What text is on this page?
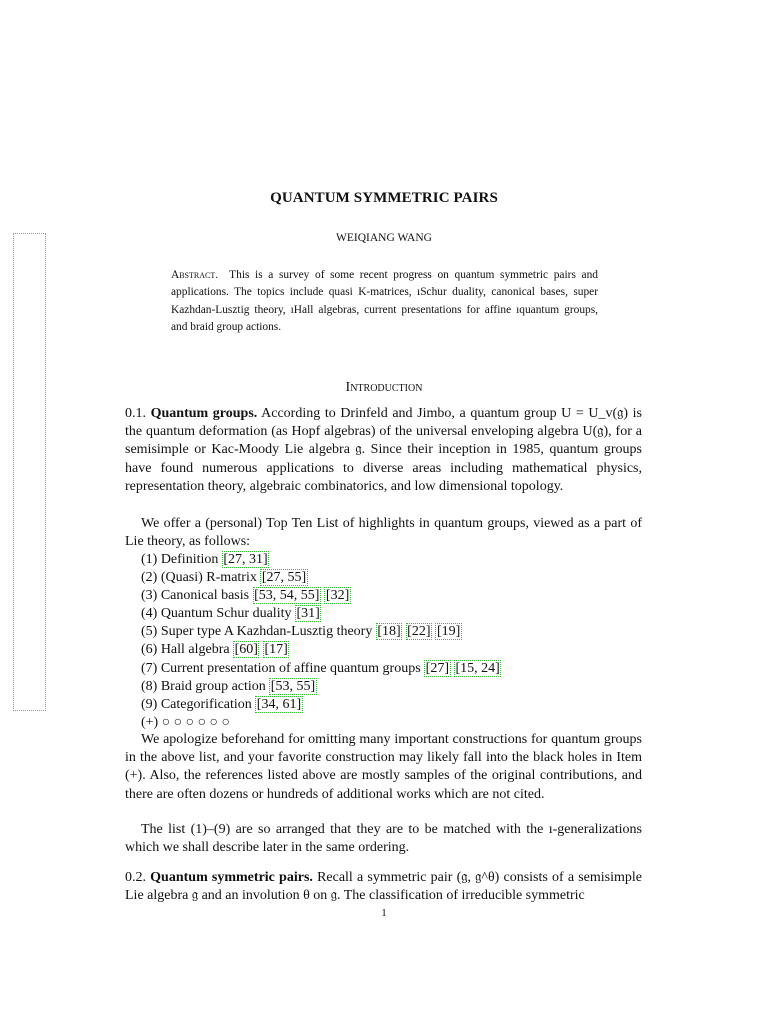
QUANTUM SYMMETRIC PAIRS
WEIQIANG WANG
Abstract. This is a survey of some recent progress on quantum symmetric pairs and applications. The topics include quasi K-matrices, ıSchur duality, canonical bases, super Kazhdan-Lusztig theory, ıHall algebras, current presentations for affine ıquantum groups, and braid group actions.
Introduction
0.1. Quantum groups. According to Drinfeld and Jimbo, a quantum group U = U_v(𝔤) is the quantum deformation (as Hopf algebras) of the universal enveloping algebra U(𝔤), for a semisimple or Kac-Moody Lie algebra 𝔤. Since their inception in 1985, quantum groups have found numerous applications to diverse areas including mathematical physics, representation theory, algebraic combinatorics, and low dimensional topology.
We offer a (personal) Top Ten List of highlights in quantum groups, viewed as a part of Lie theory, as follows:
(1) Definition [27, 31]
(2) (Quasi) R-matrix [27, 55]
(3) Canonical basis [53, 54, 55] [32]
(4) Quantum Schur duality [31]
(5) Super type A Kazhdan-Lusztig theory [18] [22] [19]
(6) Hall algebra [60] [17]
(7) Current presentation of affine quantum groups [27] [15, 24]
(8) Braid group action [53, 55]
(9) Categorification [34, 61]
(+) ○ ○ ○ ○ ○ ○
We apologize beforehand for omitting many important constructions for quantum groups in the above list, and your favorite construction may likely fall into the black holes in Item (+). Also, the references listed above are mostly samples of the original contributions, and there are often dozens or hundreds of additional works which are not cited.
The list (1)–(9) are so arranged that they are to be matched with the ı-generalizations which we shall describe later in the same ordering.
0.2. Quantum symmetric pairs. Recall a symmetric pair (𝔤, 𝔤^θ) consists of a semisimple Lie algebra 𝔤 and an involution θ on 𝔤. The classification of irreducible symmetric
1
